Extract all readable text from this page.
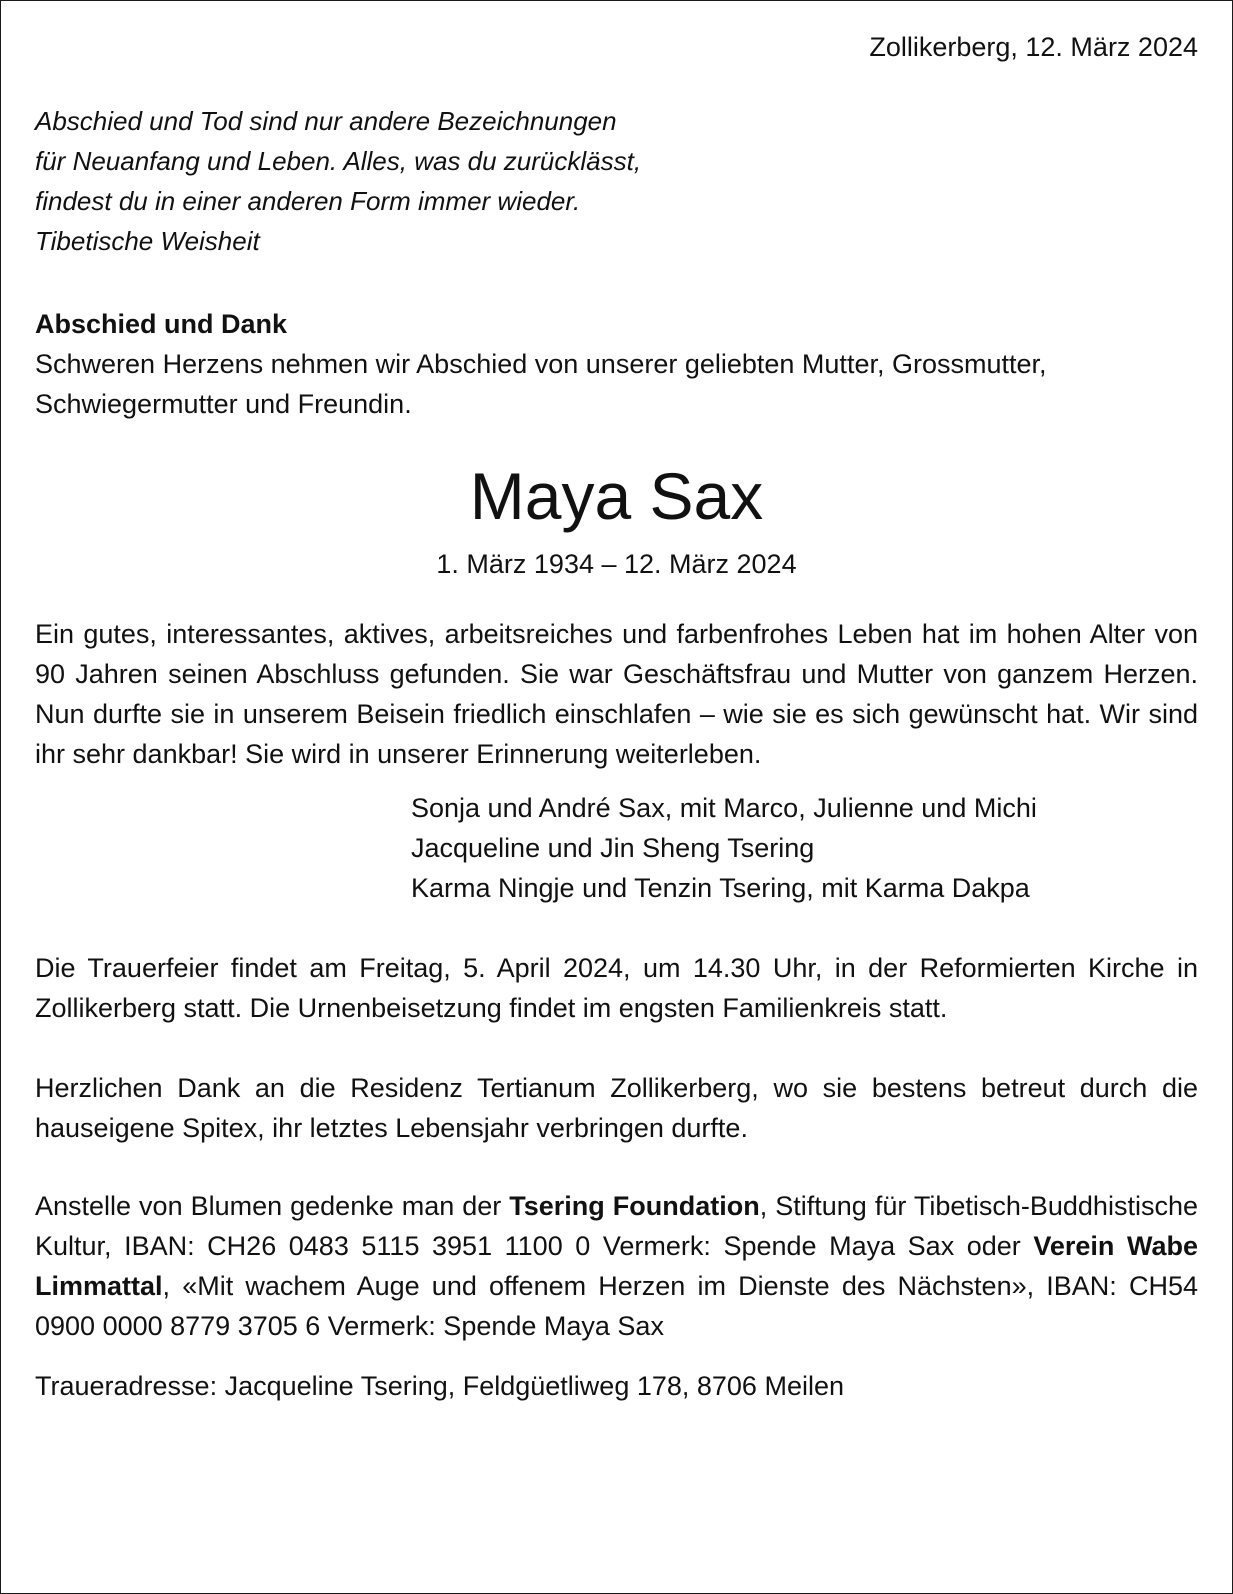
Zollikerberg, 12. März 2024

Abschied und Tod sind nur andere Bezeichnungen
für Neuanfang und Leben. Alles, was du zurücklässt,
findest du in einer anderen Form immer wieder.
Tibetische Weisheit

Abschied und Dank

Schweren Herzens nehmen wir Abschied von unserer geliebten Mutter, Grossmutter, Schwiegermutter und Freundin.

Maya Sax

1. März 1934 – 12. März 2024

Ein gutes, interessantes, aktives, arbeitsreiches und farbenfrohes Leben hat im hohen Alter von 90 Jahren seinen Abschluss gefunden. Sie war Geschäftsfrau und Mutter von ganzem Herzen. Nun durfte sie in unserem Beisein friedlich einschlafen – wie sie es sich gewünscht hat. Wir sind ihr sehr dankbar! Sie wird in unserer Erinnerung weiterleben.

Sonja und André Sax, mit Marco, Julienne und Michi
Jacqueline und Jin Sheng Tsering
Karma Ningje und Tenzin Tsering, mit Karma Dakpa

Die Trauerfeier findet am Freitag, 5. April 2024, um 14.30 Uhr, in der Reformierten Kirche in Zollikerberg statt. Die Urnenbeisetzung findet im engsten Familienkreis statt.

Herzlichen Dank an die Residenz Tertianum Zollikerberg, wo sie bestens betreut durch die hauseigene Spitex, ihr letztes Lebensjahr verbringen durfte.

Anstelle von Blumen gedenke man der Tsering Foundation, Stiftung für Tibetisch-Buddhistische Kultur, IBAN: CH26 0483 5115 3951 1100 0 Vermerk: Spende Maya Sax oder Verein Wabe Limmattal, «Mit wachem Auge und offenem Herzen im Dienste des Nächsten», IBAN: CH54 0900 0000 8779 3705 6 Vermerk: Spende Maya Sax

Traueradresse: Jacqueline Tsering, Feldgüetliweg 178, 8706 Meilen
